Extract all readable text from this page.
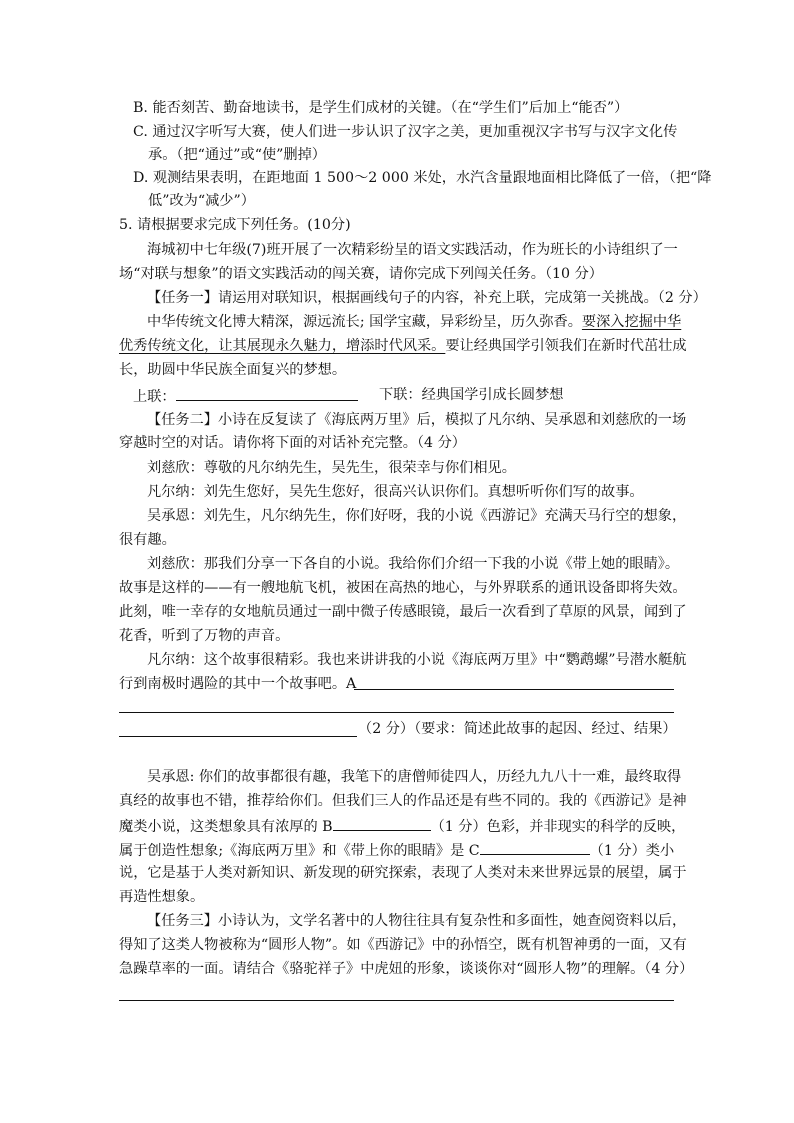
B. 能否刻苦、勤奋地读书，是学生们成材的关键。（在“学生们”后加上“能否”）
C. 通过汉字听写大赛，使人们进一步认识了汉字之美，更加重视汉字书写与汉字文化传
承。（把“通过”或“使”删掉）
D. 观测结果表明，在距地面 1 500～2 000 米处，水汽含量跟地面相比降低了一倍，（把“降
低”改为“减少”）
5. 请根据要求完成下列任务。(10分)
海城初中七年级(7)班开展了一次精彩纷呈的语文实践活动，作为班长的小诗组织了一
场“对联与想象”的语文实践活动的闯关赛，请你完成下列闯关任务。（10 分）
【任务一】请运用对联知识，根据画线句子的内容，补充上联，完成第一关挑战。（2 分）
中华传统文化博大精深，源远流长; 国学宝藏，异彩纷呈，历久弥香。要深入挖掘中华
优秀传统文化，让其展现永久魅力，增添时代风采。要让经典国学引领我们在新时代茁壮成
长，助圆中华民族全面复兴的梦想。
上联：	下联：经典国学引成长圆梦想
【任务二】小诗在反复读了《海底两万里》后，模拟了凡尔纳、吴承恩和刘慈欣的一场
穿越时空的对话。请你将下面的对话补充完整。（4 分）
刘慈欣：尊敬的凡尔纳先生，吴先生，很荣幸与你们相见。
凡尔纳：刘先生您好，吴先生您好，很高兴认识你们。真想听听你们写的故事。
吴承恩：刘先生，凡尔纳先生，你们好呀，我的小说《西游记》充满天马行空的想象，
很有趣。
刘慈欣：那我们分享一下各自的小说。我给你们介绍一下我的小说《带上她的眼睛》。
故事是这样的——有一艘地航飞机，被困在高热的地心，与外界联系的通讯设备即将失效。
此刻，唯一幸存的女地航员通过一副中微子传感眼镜，最后一次看到了草原的风景，闻到了
花香，听到了万物的声音。
凡尔纳：这个故事很精彩。我也来讲讲我的小说《海底两万里》中“鹦鹉螺”号潜水艇航
行到南极时遇险的其中一个故事吧。A
（2 分）（要求：简述此故事的起因、经过、结果）
吴承恩: 你们的故事都很有趣，我笔下的唐僧师徒四人，历经九九八十一难，最终取得
真经的故事也不错，推荐给你们。但我们三人的作品还是有些不同的。我的《西游记》是神
魔类小说，这类想象具有浓厚的 B	（1 分）色彩，并非现实的科学的反映，
属于创造性想象;《海底两万里》和《带上你的眼睛》是 C	（1 分）类小
说，它是基于人类对新知识、新发现的研究探索，表现了人类对未来世界远景的展望，属于
再造性想象。
【任务三】小诗认为，文学名著中的人物往往具有复杂性和多面性，她查阅资料以后，
得知了这类人物被称为“圆形人物”。如《西游记》中的孙悟空，既有机智神勇的一面，又有
急躁草率的一面。请结合《骆驼祥子》中虎妞的形象，谈谈你对“圆形人物”的理解。（4 分）
